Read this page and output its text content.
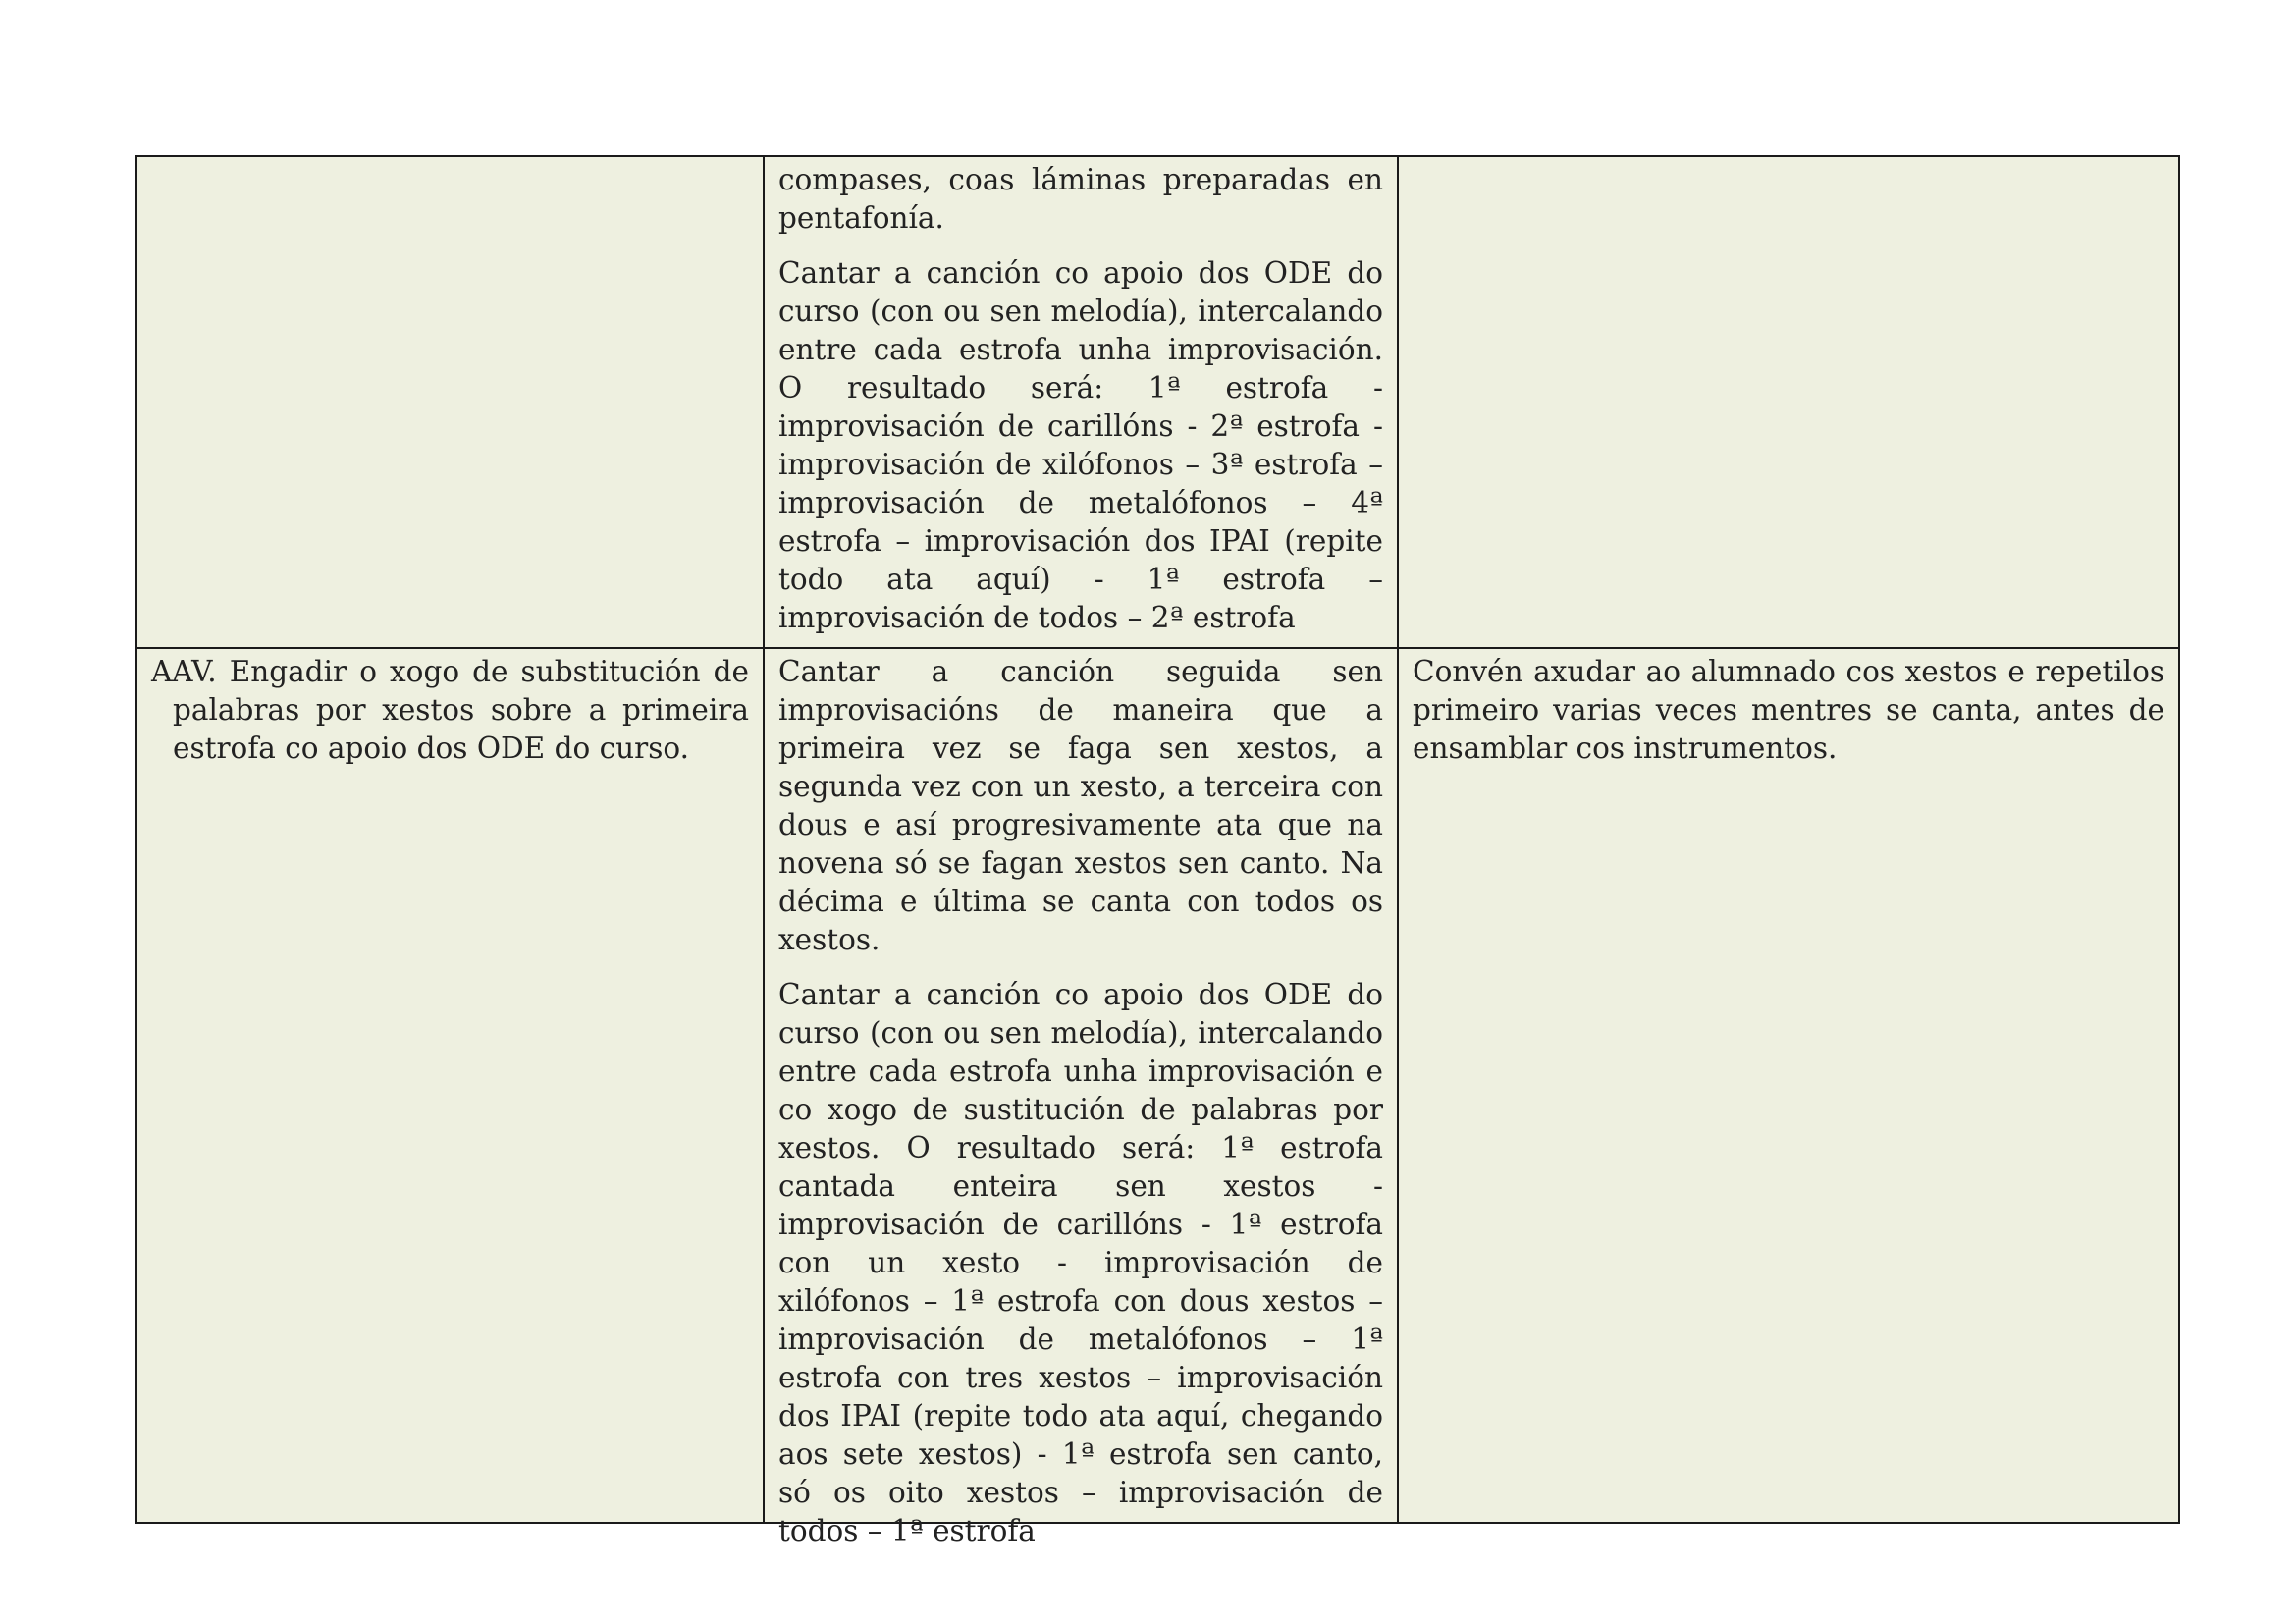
	compases, coas láminas preparadas en pentafonía.

Cantar a canción co apoio dos ODE do curso (con ou sen melodía), intercalando entre cada estrofa unha improvisación. O resultado será: 1ª estrofa - improvisación de carillóns - 2ª estrofa - improvisación de xilófonos – 3ª estrofa – improvisación de metalófonos – 4ª estrofa – improvisación dos IPAI (repite todo ata aquí) - 1ª estrofa – improvisación de todos – 2ª estrofa	

AAV. Engadir o xogo de substitución de palabras por xestos sobre a primeira estrofa co apoio dos ODE do curso.	Cantar a canción seguida sen improvisacións de maneira que a primeira vez se faga sen xestos, a segunda vez con un xesto, a terceira con dous e así progresivamente ata que na novena só se fagan xestos sen canto. Na décima e última se canta con todos os xestos.

Cantar a canción co apoio dos ODE do curso (con ou sen melodía), intercalando entre cada estrofa unha improvisación e co xogo de sustitución de palabras por xestos. O resultado será: 1ª estrofa cantada enteira sen xestos - improvisación de carillóns - 1ª estrofa con un xesto - improvisación de xilófonos – 1ª estrofa con dous xestos – improvisación de metalófonos – 1ª estrofa con tres xestos – improvisación dos IPAI (repite todo ata aquí, chegando aos sete xestos) - 1ª estrofa sen canto, só os oito xestos – improvisación de todos – 1ª estrofa	Convén axudar ao alumnado cos xestos e repetilos primeiro varias veces mentres se canta, antes de ensamblar cos instrumentos.
